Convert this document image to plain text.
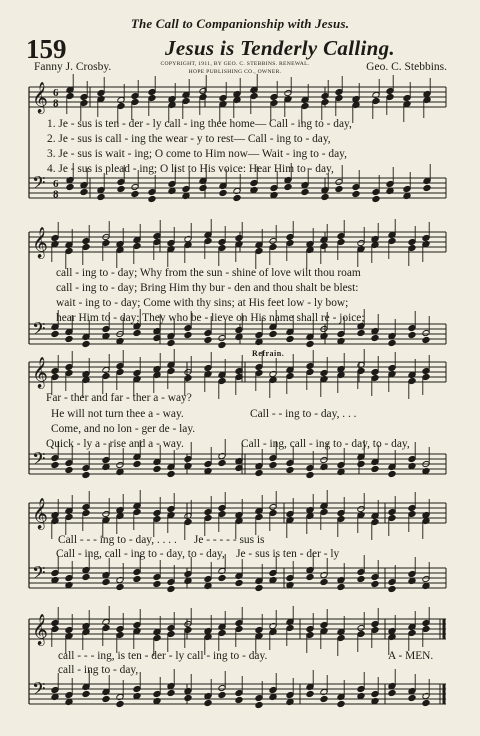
The Call to Companionship with Jesus.
159	Jesus is Tenderly Calling.
Fanny J. Crosby.	COPYRIGHT, 1911, BY GEO. C. STEBBINS. RENEWAL.
HOPE PUBLISHING CO., OWNER.	Geo. C. Stebbins.
𝄞
𝄢
6
8
6
8
𝄞
𝄢
𝄞
𝄢
𝄞
𝄢
𝄞
𝄢
1. Je - sus is ten - der - ly call - ing thee home— Call - ing to - day,
2. Je - sus is call - ing the wear - y to rest— Call - ing to - day,
3. Je - sus is wait - ing; O come to Him now— Wait - ing to - day,
4. Je - sus is plead - ing; O list to His voice: Hear Him to - day,
call - ing to - day; Why from the sun - shine of love wilt thou roam
call - ing to - day; Bring Him thy bur - den and thou shalt be blest:
wait - ing to - day; Come with thy sins; at His feet low - ly bow;
hear Him to - day; They who be - lieve on His name shall re - joice;
Refrain.
Far - ther and far - ther a - way?
He will not turn thee a - way.
Come, and no lon - ger de - lay.
Quick - ly a - rise and a - way.
Call - - ing to - day, . . .
Call - ing, call - ing to - day, to - day,
Call - - - ing to - day, . . . .      Je - - - - - sus is
Call - ing, call - ing to - day, to - day,    Je - sus is ten - der - ly
call - - - ing, is ten - der - ly call - ing to - day.
call - ing to - day,
A - MEN.
